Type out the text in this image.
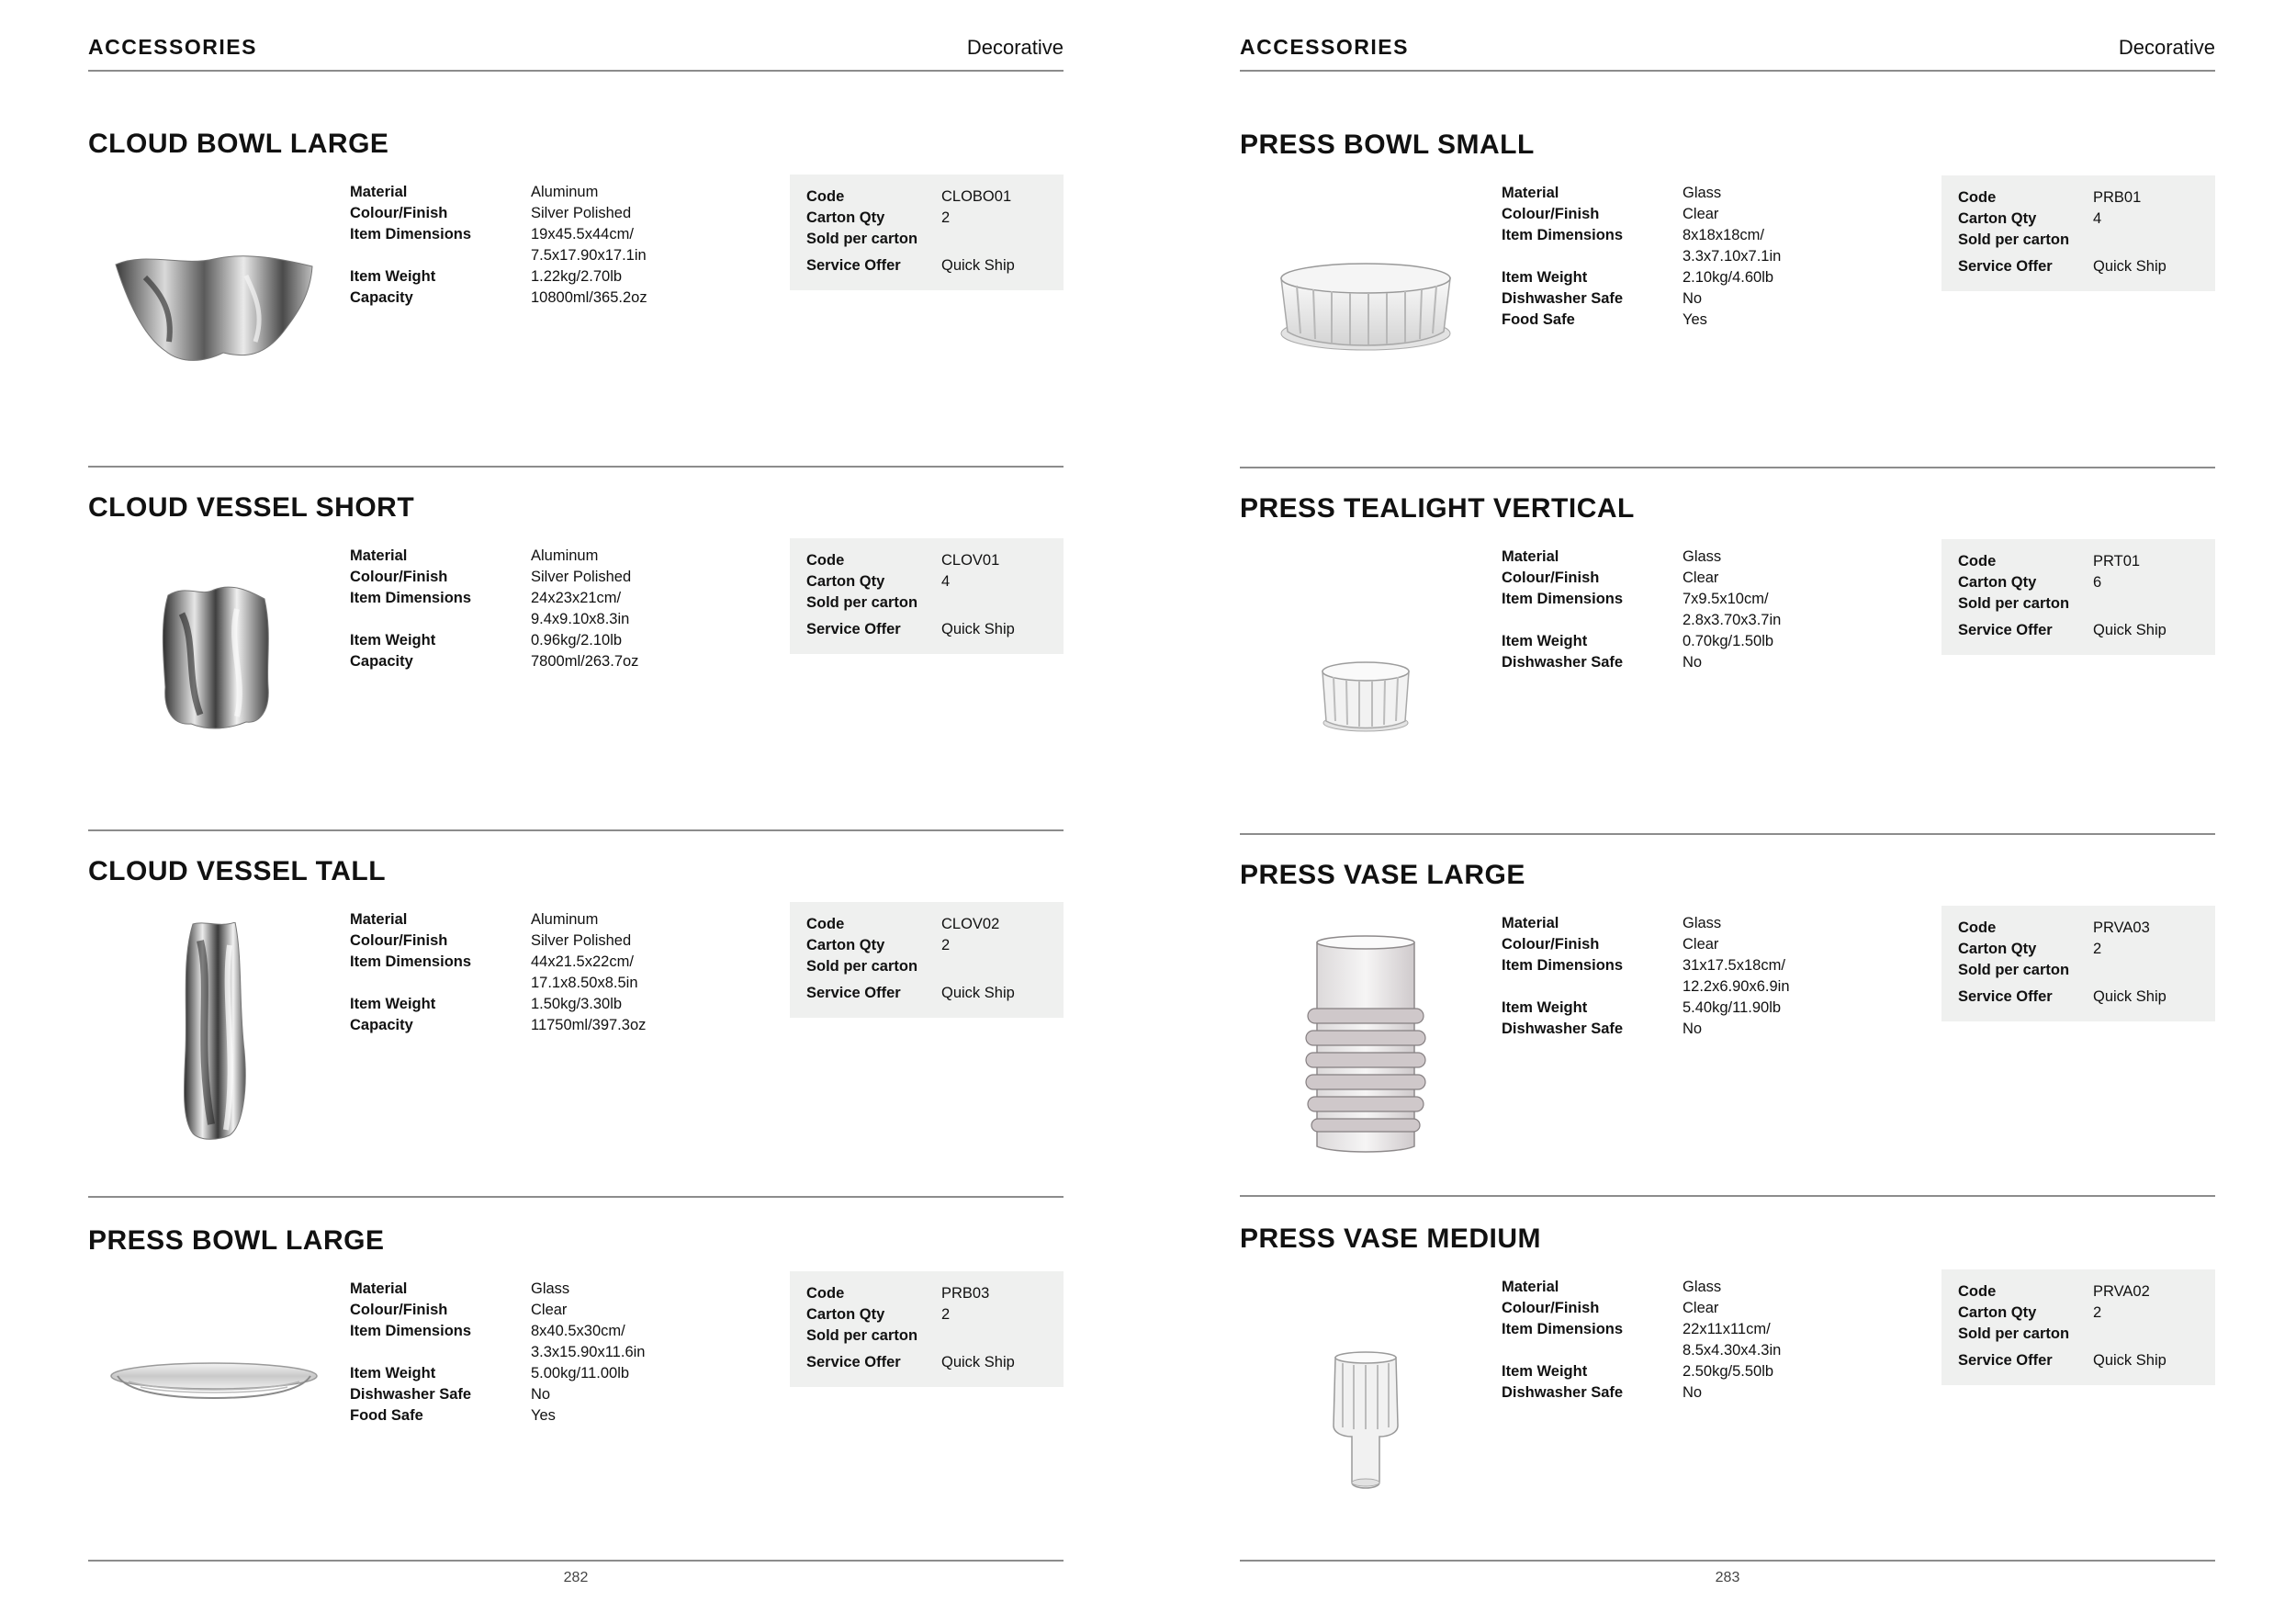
ACCESSORIES	Decorative
CLOUD BOWL LARGE
Material	Aluminum
Colour/Finish	Silver Polished
Item Dimensions	19x45.5x44cm/
7.5x17.90x17.1in
Item Weight	1.22kg/2.70lb
Capacity	10800ml/365.2oz
Code	CLOBO01
Carton Qty	2
Sold per carton
Service Offer	Quick Ship
CLOUD VESSEL SHORT
Material	Aluminum
Colour/Finish	Silver Polished
Item Dimensions	24x23x21cm/
9.4x9.10x8.3in
Item Weight	0.96kg/2.10lb
Capacity	7800ml/263.7oz
Code	CLOV01
Carton Qty	4
Sold per carton
Service Offer	Quick Ship
CLOUD VESSEL TALL
Material	Aluminum
Colour/Finish	Silver Polished
Item Dimensions	44x21.5x22cm/
17.1x8.50x8.5in
Item Weight	1.50kg/3.30lb
Capacity	11750ml/397.3oz
Code	CLOV02
Carton Qty	2
Sold per carton
Service Offer	Quick Ship
PRESS BOWL LARGE
Material	Glass
Colour/Finish	Clear
Item Dimensions	8x40.5x30cm/
3.3x15.90x11.6in
Item Weight	5.00kg/11.00lb
Dishwasher Safe	No
Food Safe	Yes
Code	PRB03
Carton Qty	2
Sold per carton
Service Offer	Quick Ship
282
ACCESSORIES	Decorative
PRESS BOWL SMALL
Material	Glass
Colour/Finish	Clear
Item Dimensions	8x18x18cm/
3.3x7.10x7.1in
Item Weight	2.10kg/4.60lb
Dishwasher Safe	No
Food Safe	Yes
Code	PRB01
Carton Qty	4
Sold per carton
Service Offer	Quick Ship
PRESS TEALIGHT VERTICAL
Material	Glass
Colour/Finish	Clear
Item Dimensions	7x9.5x10cm/
2.8x3.70x3.7in
Item Weight	0.70kg/1.50lb
Dishwasher Safe	No
Code	PRT01
Carton Qty	6
Sold per carton
Service Offer	Quick Ship
PRESS VASE LARGE
Material	Glass
Colour/Finish	Clear
Item Dimensions	31x17.5x18cm/
12.2x6.90x6.9in
Item Weight	5.40kg/11.90lb
Dishwasher Safe	No
Code	PRVA03
Carton Qty	2
Sold per carton
Service Offer	Quick Ship
PRESS VASE MEDIUM
Material	Glass
Colour/Finish	Clear
Item Dimensions	22x11x11cm/
8.5x4.30x4.3in
Item Weight	2.50kg/5.50lb
Dishwasher Safe	No
Code	PRVA02
Carton Qty	2
Sold per carton
Service Offer	Quick Ship
283
